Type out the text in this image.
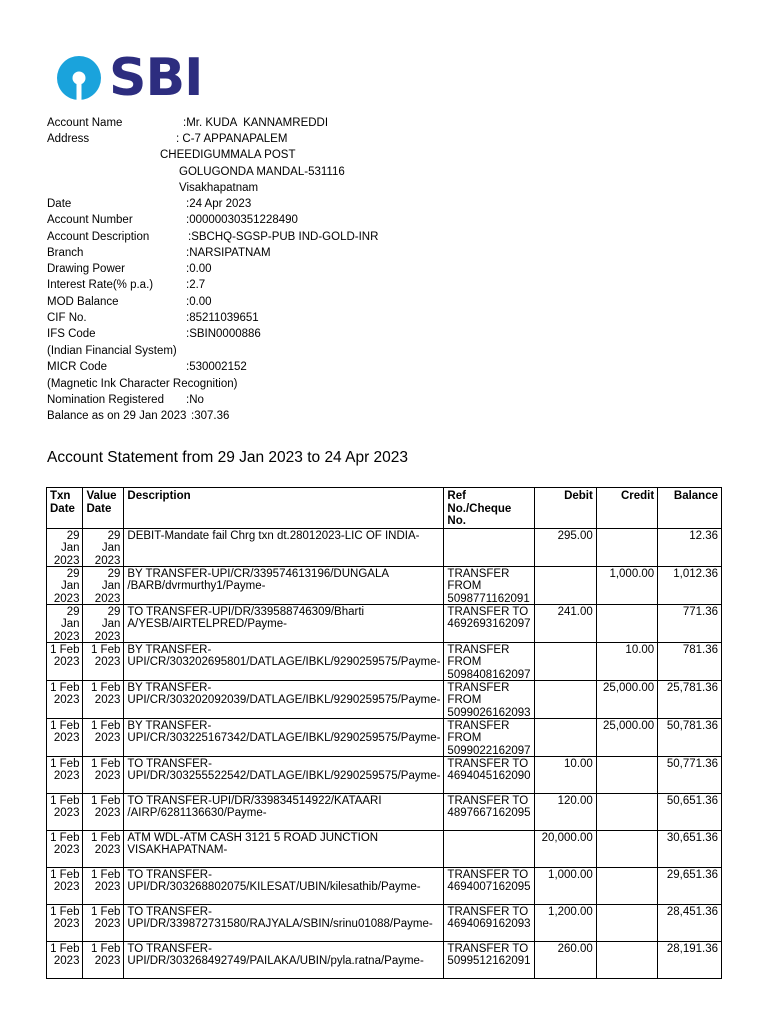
SBI
Account Name	:Mr. KUDA  KANNAMREDDI
Address	: C-7 APPANAPALEM
CHEEDIGUMMALA POST
GOLUGONDA MANDAL-531116
Visakhapatnam
Date	:24 Apr 2023
Account Number	:00000030351228490
Account Description	:SBCHQ-SGSP-PUB IND-GOLD-INR
Branch	:NARSIPATNAM
Drawing Power	:0.00
Interest Rate(% p.a.)	:2.7
MOD Balance	:0.00
CIF No.	:85211039651
IFS Code	:SBIN0000886
(Indian Financial System)
MICR Code	:530002152
(Magnetic Ink Character Recognition)
Nomination Registered :No
Balance as on 29 Jan 2023 :307.36
Account Statement from 29 Jan 2023 to 24 Apr 2023
Txn Date	Value Date	Description	Ref No./Cheque No.	Debit	Credit	Balance

29 Jan 2023	29 Jan 2023	DEBIT-Mandate fail Chrg txn dt.28012023-LIC OF INDIA-		295.00		12.36

29 Jan 2023	29 Jan 2023	BY TRANSFER-UPI/CR/339574613196/DUNGALA /BARB/dvrmurthy1/Payme-	TRANSFER FROM 5098771162091		1,000.00	1,012.36

29 Jan 2023	29 Jan 2023	TO TRANSFER-UPI/DR/339588746309/Bharti A/YESB/AIRTELPRED/Payme-	TRANSFER TO 4692693162097	241.00		771.36

1 Feb 2023	1 Feb 2023	BY TRANSFER-UPI/CR/303202695801/DATLAGE/IBKL/9290259575/Payme-	TRANSFER FROM 5098408162097		10.00	781.36

1 Feb 2023	1 Feb 2023	BY TRANSFER-UPI/CR/303202092039/DATLAGE/IBKL/9290259575/Payme-	TRANSFER FROM 5099026162093		25,000.00	25,781.36

1 Feb 2023	1 Feb 2023	BY TRANSFER-UPI/CR/303225167342/DATLAGE/IBKL/9290259575/Payme-	TRANSFER FROM 5099022162097		25,000.00	50,781.36

1 Feb 2023	1 Feb 2023	TO TRANSFER-UPI/DR/303255522542/DATLAGE/IBKL/9290259575/Payme-	TRANSFER TO 4694045162090	10.00		50,771.36

1 Feb 2023	1 Feb 2023	TO TRANSFER-UPI/DR/339834514922/KATAARI /AIRP/6281136630/Payme-	TRANSFER TO 4897667162095	120.00		50,651.36

1 Feb 2023	1 Feb 2023	ATM WDL-ATM CASH 3121 5 ROAD JUNCTION VISAKHAPATNAM-		20,000.00		30,651.36

1 Feb 2023	1 Feb 2023	TO TRANSFER-UPI/DR/303268802075/KILESAT/UBIN/kilesathib/Payme-	TRANSFER TO 4694007162095	1,000.00		29,651.36

1 Feb 2023	1 Feb 2023	TO TRANSFER-UPI/DR/339872731580/RAJYALA/SBIN/srinu01088/Payme-	TRANSFER TO 4694069162093	1,200.00		28,451.36

1 Feb 2023	1 Feb 2023	TO TRANSFER-UPI/DR/303268492749/PAILAKA/UBIN/pyla.ratna/Payme-	TRANSFER TO 5099512162091	260.00		28,191.36
